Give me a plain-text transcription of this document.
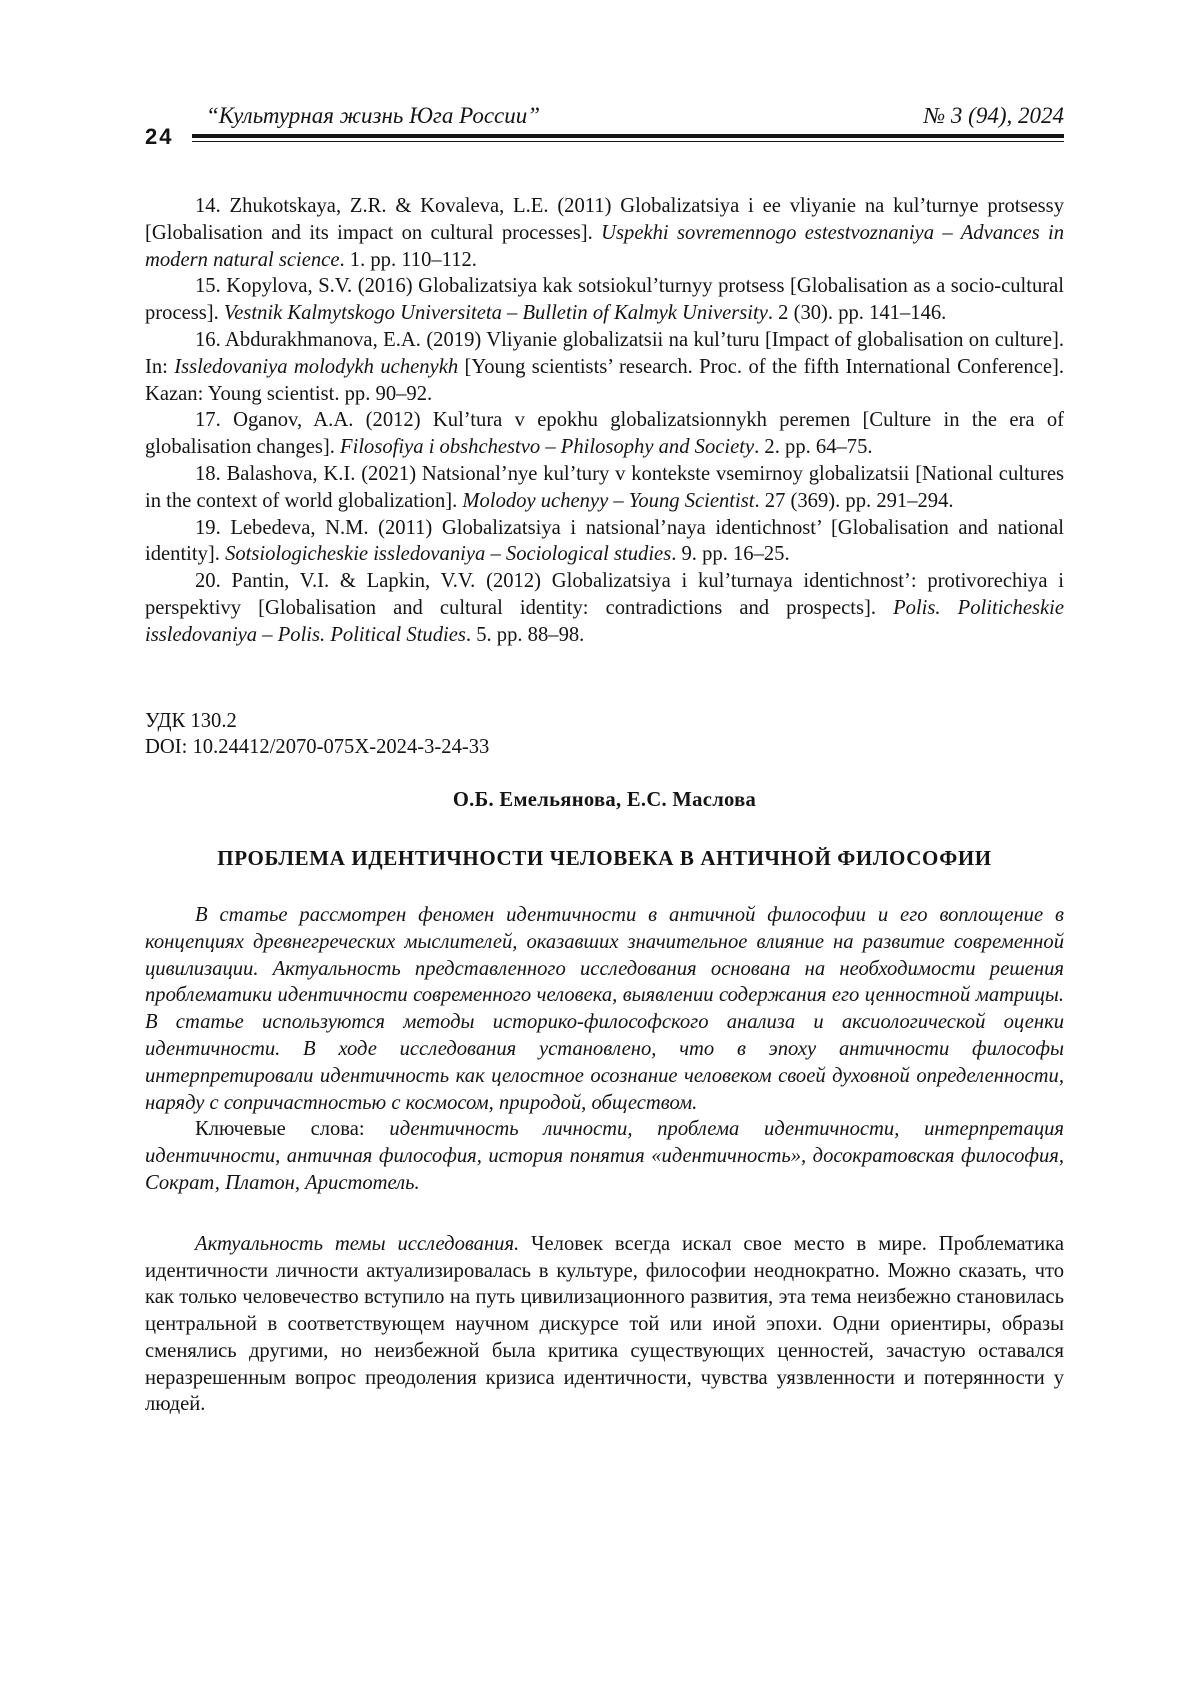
24
“Культурная жизнь Юга России”	№ 3 (94), 2024

14. Zhukotskaya, Z.R. & Kovaleva, L.E. (2011) Globalizatsiya i ee vliyanie na kul’turnye protsessy [Globalisation and its impact on cultural processes]. Uspekhi sovremennogo estestvoznaniya – Advances in modern natural science. 1. pp. 110–112.

15. Kopylova, S.V. (2016) Globalizatsiya kak sotsiokul’turnyy protsess [Globalisation as a socio-cultural process]. Vestnik Kalmytskogo Universiteta – Bulletin of Kalmyk University. 2 (30). pp. 141–146.

16. Abdurakhmanova, E.A. (2019) Vliyanie globalizatsii na kul’turu [Impact of globalisation on culture]. In: Issledovaniya molodykh uchenykh [Young scientists’ research. Proc. of the fifth International Conference]. Kazan: Young scientist. pp. 90–92.

17. Oganov, A.A. (2012) Kul’tura v epokhu globalizatsionnykh peremen [Culture in the era of globalisation changes]. Filosofiya i obshchestvo – Philosophy and Society. 2. pp. 64–75.

18. Balashova, K.I. (2021) Natsional’nye kul’tury v kontekste vsemirnoy globalizatsii [National cultures in the context of world globalization]. Molodoy uchenyy – Young Scientist. 27 (369). pp. 291–294.

19. Lebedeva, N.M. (2011) Globalizatsiya i natsional’naya identichnost’ [Globalisation and national identity]. Sotsiologicheskie issledovaniya – Sociological studies. 9. pp. 16–25.

20. Pantin, V.I. & Lapkin, V.V. (2012) Globalizatsiya i kul’turnaya identichnost’: protivorechiya i perspektivy [Globalisation and cultural identity: contradictions and prospects]. Polis. Politicheskie issledovaniya – Polis. Political Studies. 5. pp. 88–98.

УДК 130.2
DOI: 10.24412/2070-075X-2024-3-24-33
О.Б. Емельянова, Е.С. Маслова
ПРОБЛЕМА ИДЕНТИЧНОСТИ ЧЕЛОВЕКА В АНТИЧНОЙ ФИЛОСОФИИ

В статье рассмотрен феномен идентичности в античной философии и его воплощение в концепциях древнегреческих мыслителей, оказавших значительное влияние на развитие современной цивилизации. Актуальность представленного исследования основана на необходимости решения проблематики идентичности современного человека, выявлении содержания его ценностной матрицы. В статье используются методы историко-философского анализа и аксиологической оценки идентичности. В ходе исследования установлено, что в эпоху античности философы интерпретировали идентичность как целостное осознание человеком своей духовной определенности, наряду с сопричастностью с космосом, природой, обществом.

Ключевые слова: идентичность личности, проблема идентичности, интерпретация идентичности, античная философия, история понятия «идентичность», досократовская философия, Сократ, Платон, Аристотель.

Актуальность темы исследования. Человек всегда искал свое место в мире. Проблематика идентичности личности актуализировалась в культуре, философии неоднократно. Можно сказать, что как только человечество вступило на путь цивилизационного развития, эта тема неизбежно становилась центральной в соответствующем научном дискурсе той или иной эпохи. Одни ориентиры, образы сменялись другими, но неизбежной была критика существующих ценностей, зачастую оставался неразрешенным вопрос преодоления кризиса идентичности, чувства уязвленности и потерянности у людей.
